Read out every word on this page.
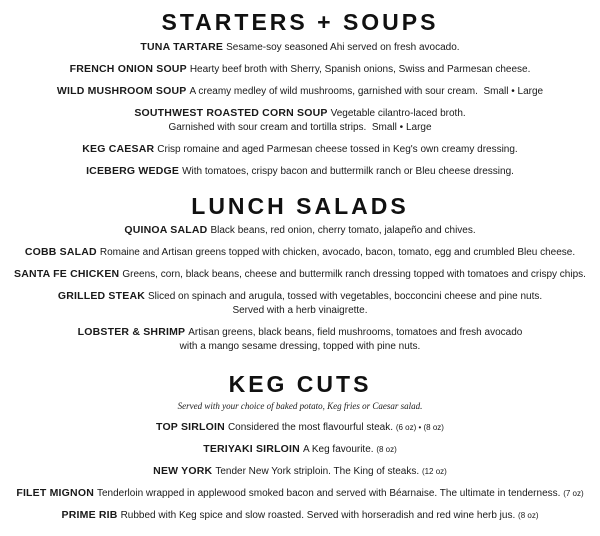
STARTERS + SOUPS

TUNA TARTARE Sesame-soy seasoned Ahi served on fresh avocado.

FRENCH ONION SOUP Hearty beef broth with Sherry, Spanish onions, Swiss and Parmesan cheese.

WILD MUSHROOM SOUP A creamy medley of wild mushrooms, garnished with sour cream. Small • Large

SOUTHWEST ROASTED CORN SOUP Vegetable cilantro-laced broth.

Garnished with sour cream and tortilla strips. Small • Large

KEG CAESAR Crisp romaine and aged Parmesan cheese tossed in Keg's own creamy dressing.

ICEBERG WEDGE With tomatoes, crispy bacon and buttermilk ranch or Bleu cheese dressing.

LUNCH SALADS

QUINOA SALAD Black beans, red onion, cherry tomato, jalapeño and chives.

COBB SALAD Romaine and Artisan greens topped with chicken, avocado, bacon, tomato, egg and crumbled Bleu cheese.

SANTA FE CHICKEN Greens, corn, black beans, cheese and buttermilk ranch dressing topped with tomatoes and crispy chips.

GRILLED STEAK Sliced on spinach and arugula, tossed with vegetables, bocconcini cheese and pine nuts.

Served with a herb vinaigrette.

LOBSTER & SHRIMP Artisan greens, black beans, field mushrooms, tomatoes and fresh avocado

with a mango sesame dressing, topped with pine nuts.

KEG CUTS

Served with your choice of baked potato, Keg fries or Caesar salad.

TOP SIRLOIN Considered the most flavourful steak. (6 oz) • (8 oz)

TERIYAKI SIRLOIN A Keg favourite. (8 oz)

NEW YORK Tender New York striploin. The King of steaks. (12 oz)

FILET MIGNON Tenderloin wrapped in applewood smoked bacon and served with Béarnaise. The ultimate in tenderness. (7 oz)

PRIME RIB Rubbed with Keg spice and slow roasted. Served with horseradish and red wine herb jus. (8 oz)
